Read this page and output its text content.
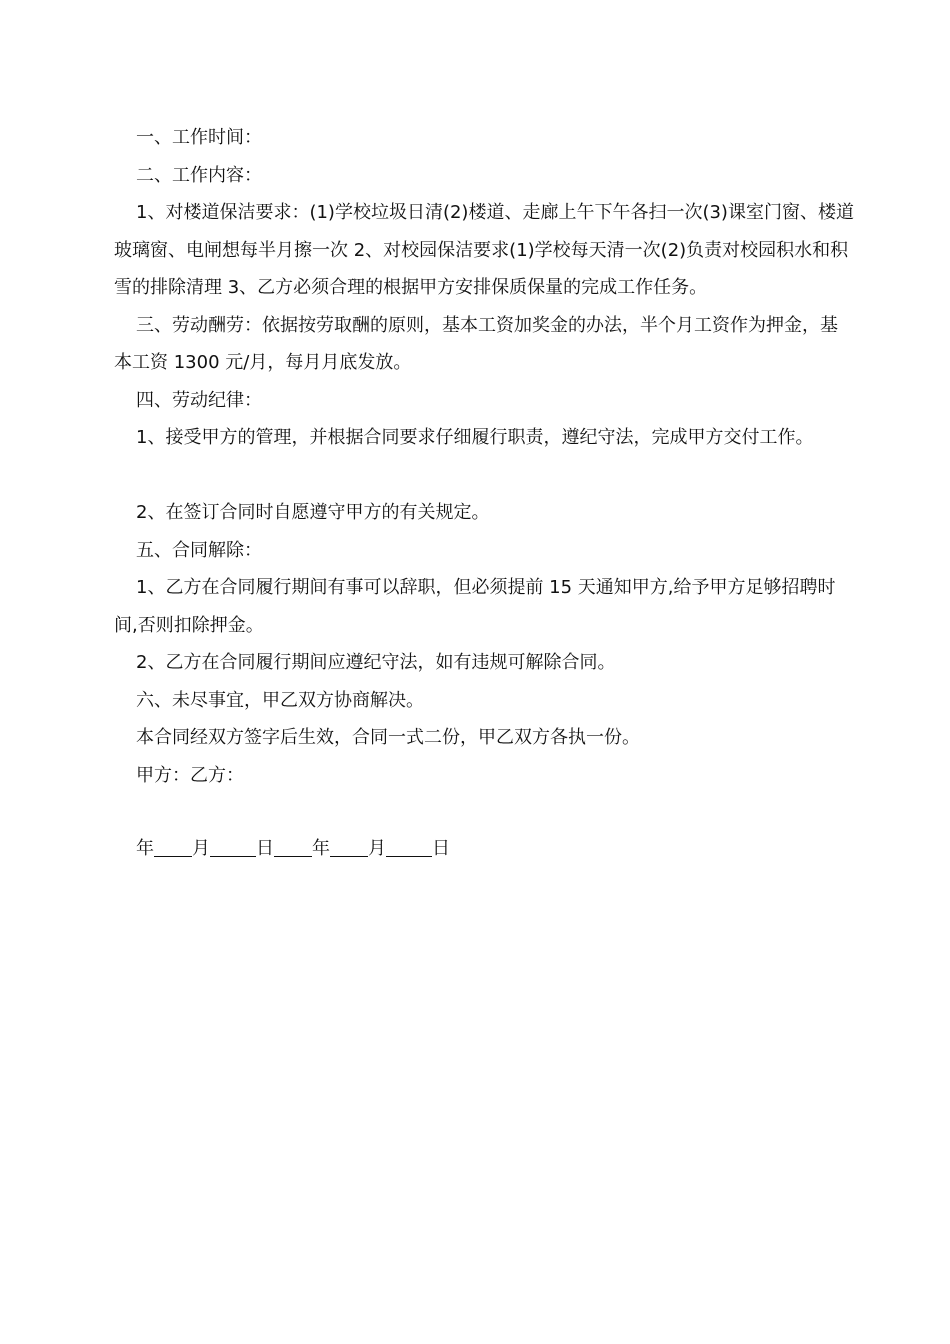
一、工作时间：

二、工作内容：

1、对楼道保洁要求：(1)学校垃圾日清(2)楼道、走廊上午下午各扫一次(3)课室门窗、楼道玻璃窗、电闸想每半月擦一次 2、对校园保洁要求(1)学校每天清一次(2)负责对校园积水和积雪的排除清理 3、乙方必须合理的根据甲方安排保质保量的完成工作任务。

三、劳动酬劳：依据按劳取酬的原则，基本工资加奖金的办法，半个月工资作为押金，基本工资 1300 元/月，每月月底发放。

四、劳动纪律：

1、接受甲方的管理，并根据合同要求仔细履行职责，遵纪守法，完成甲方交付工作。

2、在签订合同时自愿遵守甲方的有关规定。

五、合同解除：

1、乙方在合同履行期间有事可以辞职，但必须提前 15 天通知甲方,给予甲方足够招聘时间,否则扣除押金。

2、乙方在合同履行期间应遵纪守法，如有违规可解除合同。

六、未尽事宜，甲乙双方协商解决。

本合同经双方签字后生效，合同一式二份，甲乙双方各执一份。

甲方：乙方：

年 月	日 年 月	日
